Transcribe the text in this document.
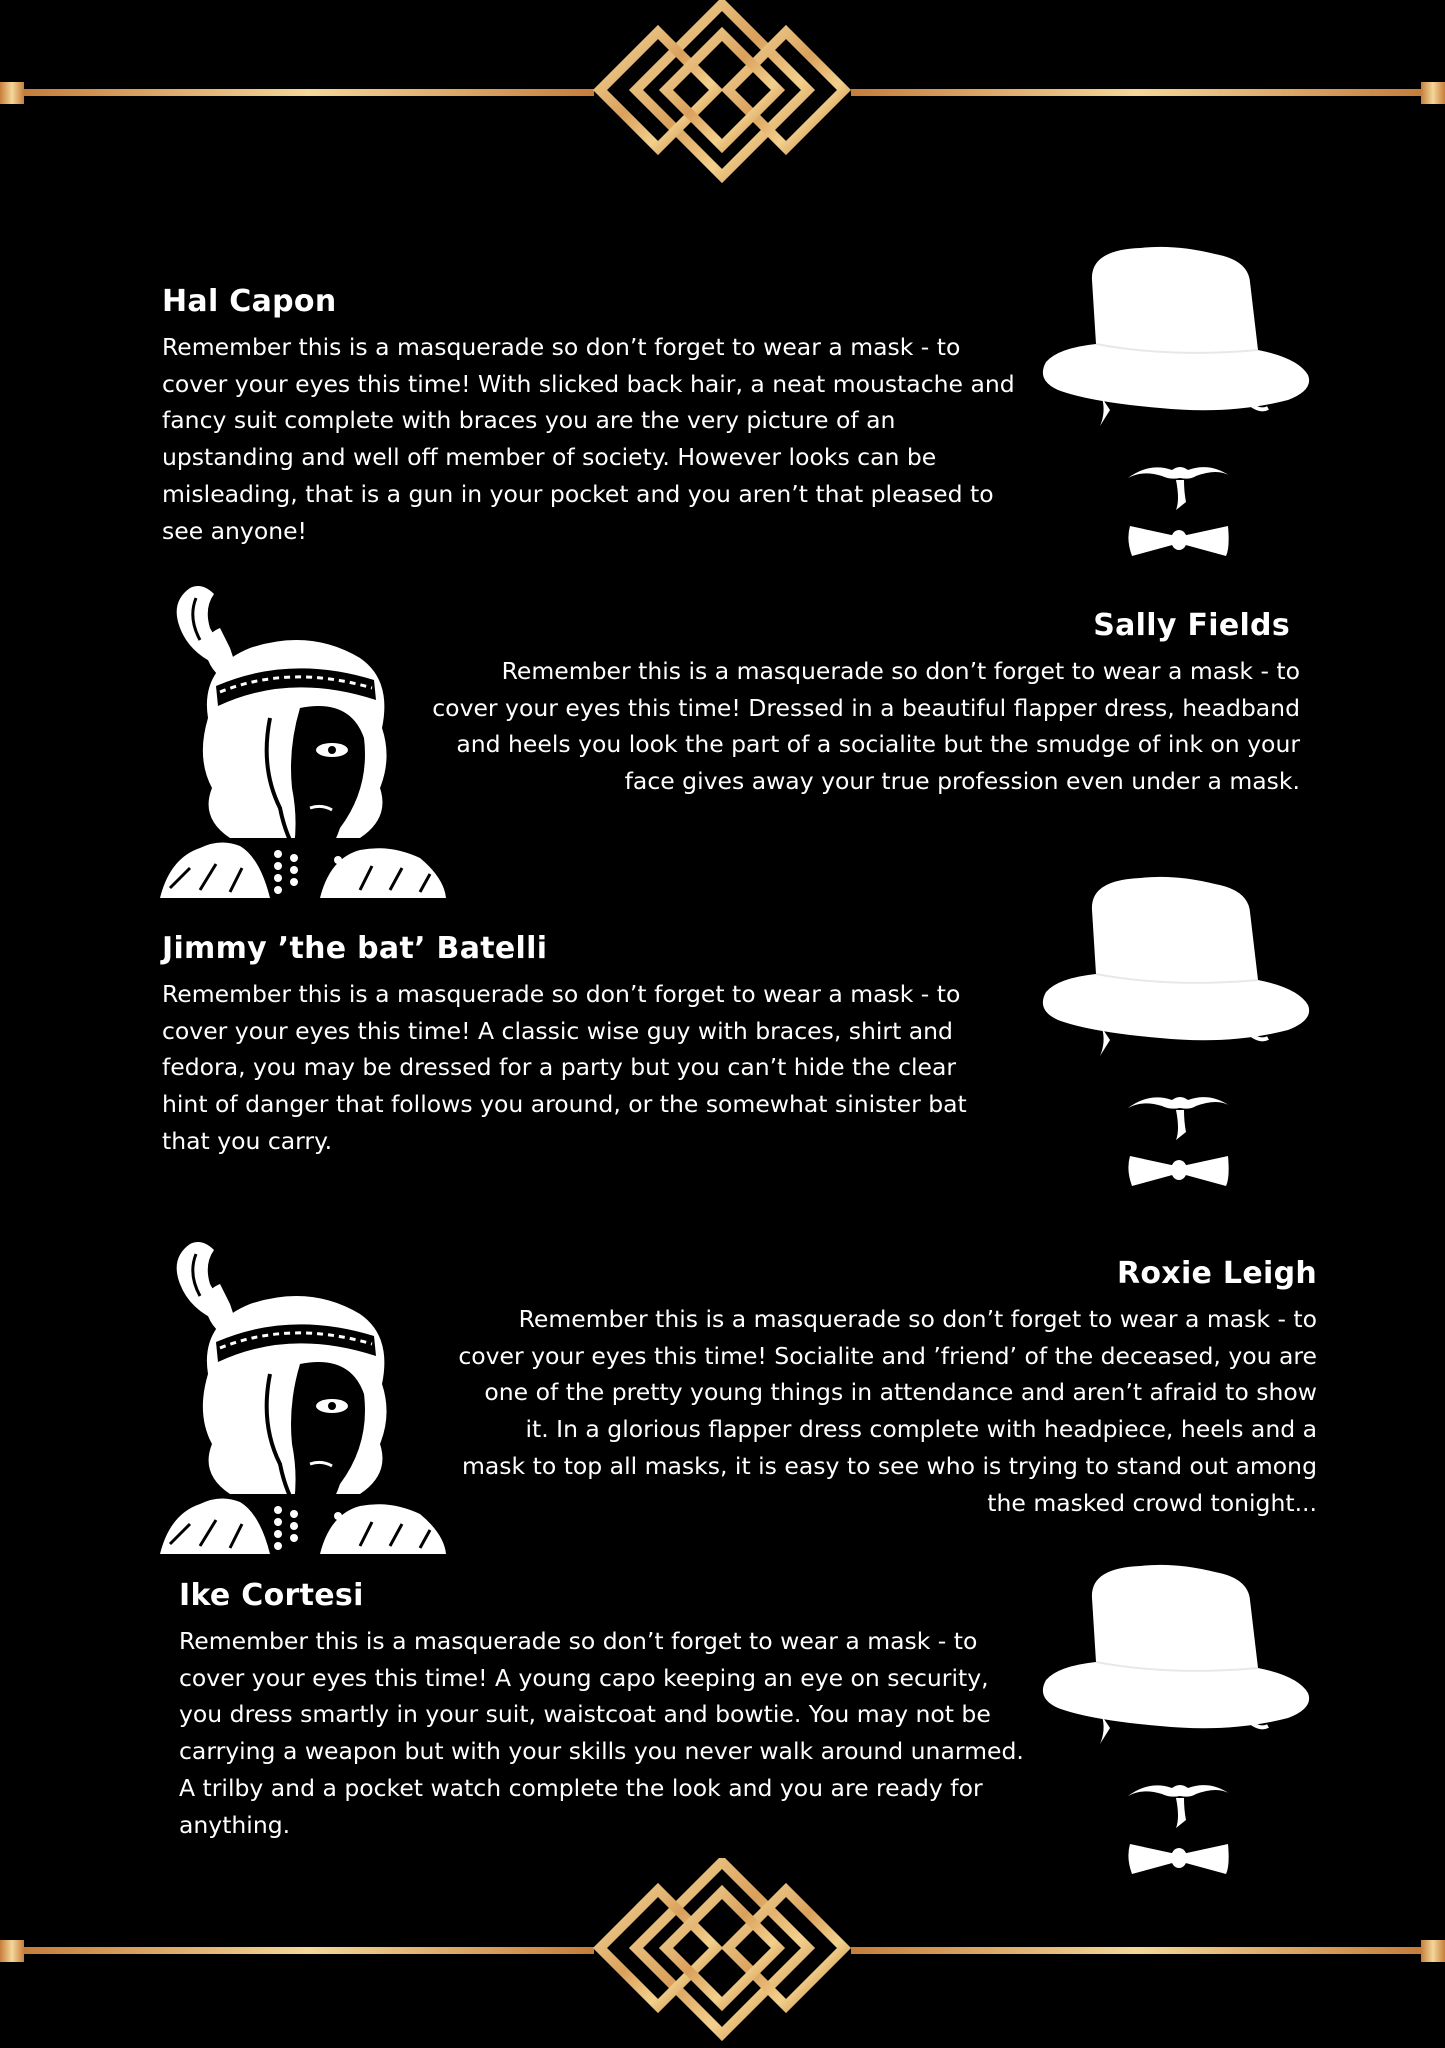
Hal Capon

Remember this is a masquerade so don’t forget to wear a mask - to cover your eyes this time! With slicked back hair, a neat moustache and fancy suit complete with braces you are the very picture of an upstanding and well off member of society. However looks can be misleading, that is a gun in your pocket and you aren’t that pleased to see anyone!

Sally Fields

Remember this is a masquerade so don’t forget to wear a mask - to cover your eyes this time! Dressed in a beautiful flapper dress, headband and heels you look the part of a socialite but the smudge of ink on your face gives away your true profession even under a mask.

Jimmy ’the bat’ Batelli

Remember this is a masquerade so don’t forget to wear a mask - to cover your eyes this time! A classic wise guy with braces, shirt and fedora, you may be dressed for a party but you can’t hide the clear hint of danger that follows you around, or the somewhat sinister bat that you carry.

Roxie Leigh

Remember this is a masquerade so don’t forget to wear a mask - to cover your eyes this time! Socialite and ’friend’ of the deceased, you are one of the pretty young things in attendance and aren’t afraid to show it. In a glorious flapper dress complete with headpiece, heels and a mask to top all masks, it is easy to see who is trying to stand out among the masked crowd tonight...

Ike Cortesi

Remember this is a masquerade so don’t forget to wear a mask - to cover your eyes this time! A young capo keeping an eye on security, you dress smartly in your suit, waistcoat and bowtie. You may not be carrying a weapon but with your skills you never walk around unarmed. A trilby and a pocket watch complete the look and you are ready for anything.
